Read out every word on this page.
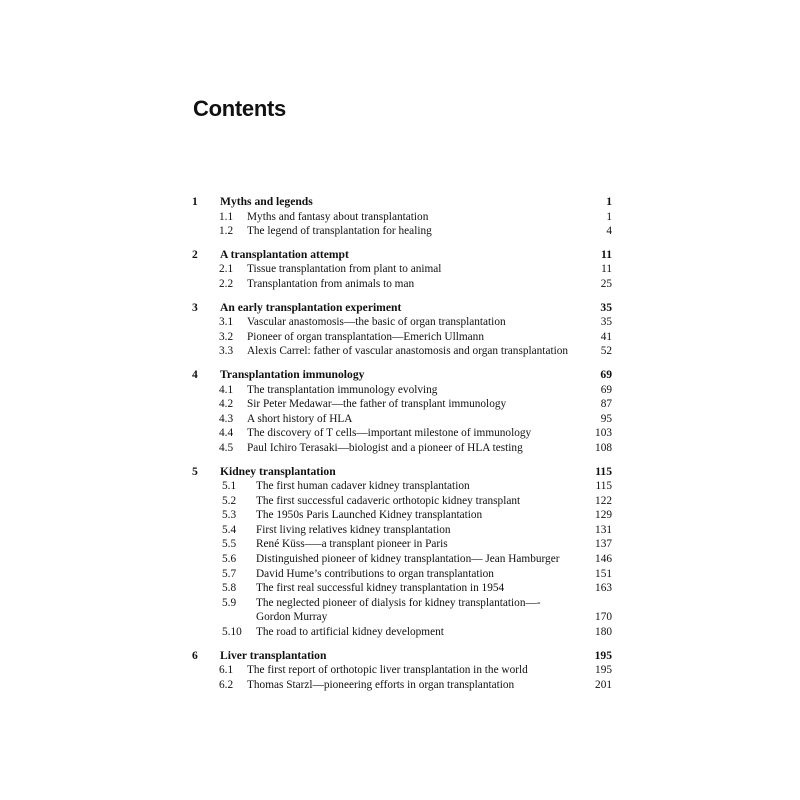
Contents
1	Myths and legends	1
1.1	Myths and fantasy about transplantation	1
1.2	The legend of transplantation for healing	4
2	A transplantation attempt	11
2.1	Tissue transplantation from plant to animal	11
2.2	Transplantation from animals to man	25
3	An early transplantation experiment	35
3.1	Vascular anastomosis—the basic of organ transplantation	35
3.2	Pioneer of organ transplantation—Emerich Ullmann	41
3.3	Alexis Carrel: father of vascular anastomosis and organ transplantation	52
4	Transplantation immunology	69
4.1	The transplantation immunology evolving	69
4.2	Sir Peter Medawar—the father of transplant immunology	87
4.3	A short history of HLA	95
4.4	The discovery of T cells—important milestone of immunology	103
4.5	Paul Ichiro Terasaki—biologist and a pioneer of HLA testing	108
5	Kidney transplantation	115
5.1	The first human cadaver kidney transplantation	115
5.2	The first successful cadaveric orthotopic kidney transplant	122
5.3	The 1950s Paris Launched Kidney transplantation	129
5.4	First living relatives kidney transplantation	131
5.5	René Küss—–a transplant pioneer in Paris	137
5.6	Distinguished pioneer of kidney transplantation— Jean Hamburger	146
5.7	David Hume’s contributions to organ transplantation	151
5.8	The first real successful kidney transplantation in 1954	163
5.9	The neglected pioneer of dialysis for kidney transplantation—-Gordon Murray	170
5.10	The road to artificial kidney development	180
6	Liver transplantation	195
6.1	The first report of orthotopic liver transplantation in the world	195
6.2	Thomas Starzl—pioneering efforts in organ transplantation	201
